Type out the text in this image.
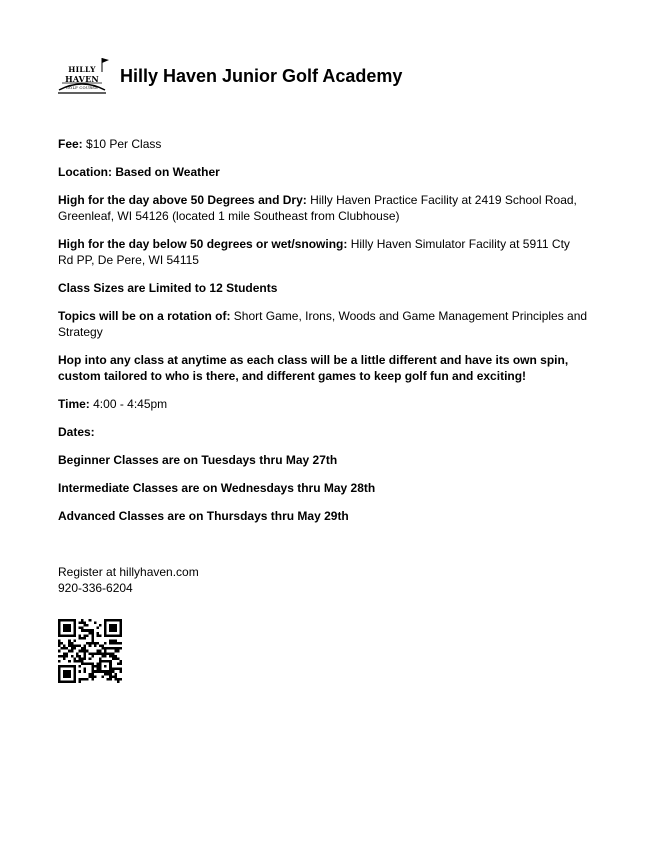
HILLY
HAVEN
GOLF COURSE
Hilly Haven Junior Golf Academy

Fee: $10 Per Class

Location: Based on Weather

High for the day above 50 Degrees and Dry: Hilly Haven Practice Facility at 2419 School Road, Greenleaf, WI 54126 (located 1 mile Southeast from Clubhouse)

High for the day below 50 degrees or wet/snowing: Hilly Haven Simulator Facility at 5911 Cty Rd PP, De Pere, WI 54115

Class Sizes are Limited to 12 Students

Topics will be on a rotation of: Short Game, Irons, Woods and Game Management Principles and Strategy

Hop into any class at anytime as each class will be a little different and have its own spin, custom tailored to who is there, and different games to keep golf fun and exciting!

Time: 4:00 - 4:45pm

Dates:

Beginner Classes are on Tuesdays thru May 27th

Intermediate Classes are on Wednesdays thru May 28th

Advanced Classes are on Thursdays thru May 29th

Register at hillyhaven.com

920-336-6204
